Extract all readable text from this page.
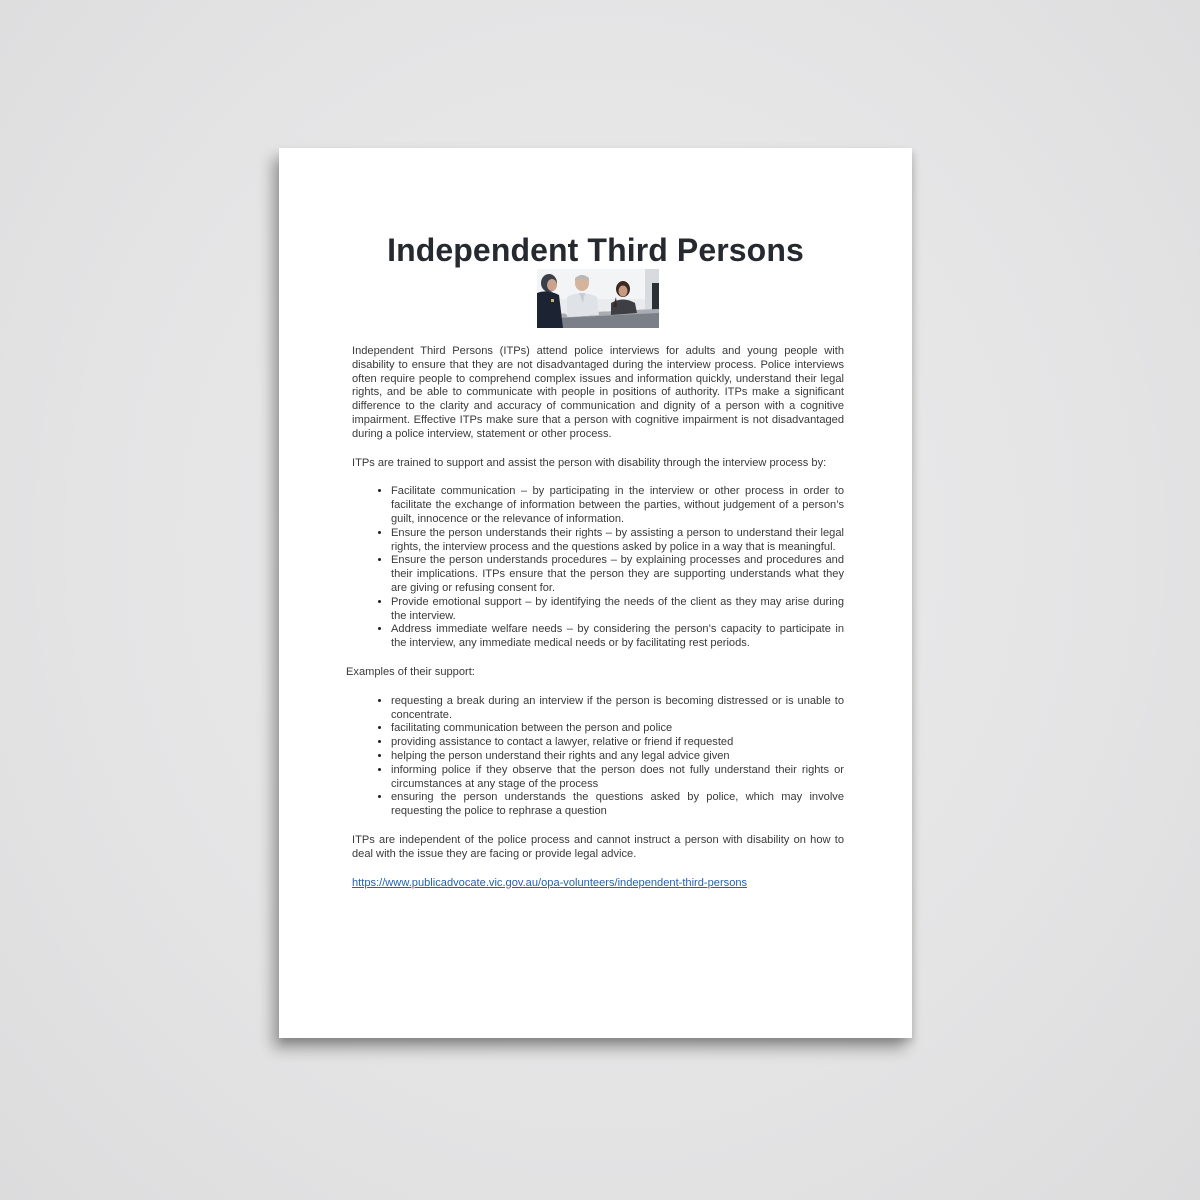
Independent Third Persons

Independent Third Persons (ITPs) attend police interviews for adults and young people with disability to ensure that they are not disadvantaged during the interview process. Police interviews often require people to comprehend complex issues and information quickly, understand their legal rights, and be able to communicate with people in positions of authority. ITPs make a significant difference to the clarity and accuracy of communication and dignity of a person with a cognitive impairment. Effective ITPs make sure that a person with cognitive impairment is not disadvantaged during a police interview, statement or other process.

ITPs are trained to support and assist the person with disability through the interview process by:

• Facilitate communication – by participating in the interview or other process in order to facilitate the exchange of information between the parties, without judgement of a person’s guilt, innocence or the relevance of information.
• Ensure the person understands their rights – by assisting a person to understand their legal rights, the interview process and the questions asked by police in a way that is meaningful.
• Ensure the person understands procedures – by explaining processes and procedures and their implications. ITPs ensure that the person they are supporting understands what they are giving or refusing consent for.
• Provide emotional support – by identifying the needs of the client as they may arise during the interview.
• Address immediate welfare needs – by considering the person’s capacity to participate in the interview, any immediate medical needs or by facilitating rest periods.

Examples of their support:

• requesting a break during an interview if the person is becoming distressed or is unable to concentrate.
• facilitating communication between the person and police
• providing assistance to contact a lawyer, relative or friend if requested
• helping the person understand their rights and any legal advice given
• informing police if they observe that the person does not fully understand their rights or circumstances at any stage of the process
• ensuring the person understands the questions asked by police, which may involve requesting the police to rephrase a question

ITPs are independent of the police process and cannot instruct a person with disability on how to deal with the issue they are facing or provide legal advice.

https://www.publicadvocate.vic.gov.au/opa-volunteers/independent-third-persons
